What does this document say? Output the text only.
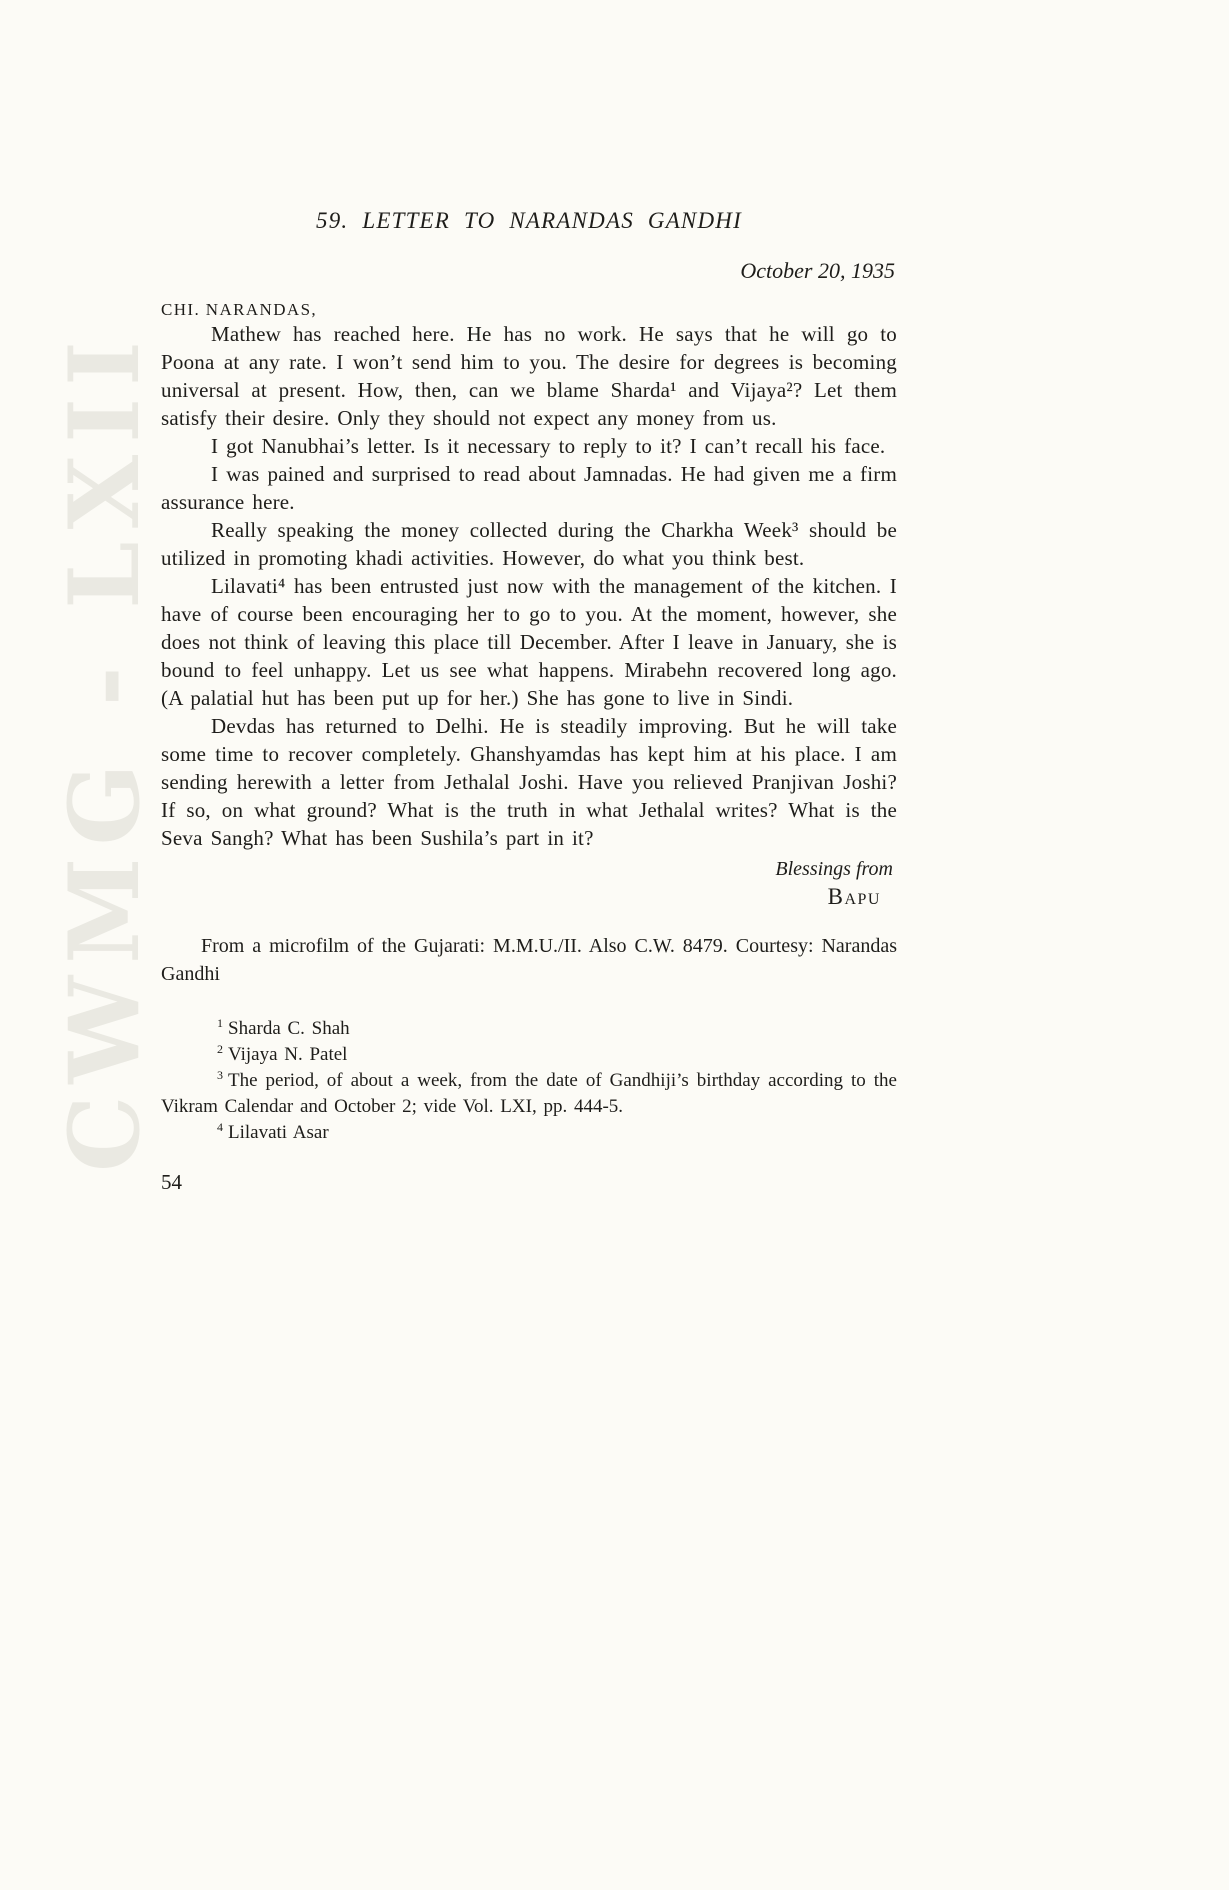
CWMG - LXII
59. LETTER TO NARANDAS GANDHI
October 20, 1935
CHI. NARANDAS,

Mathew has reached here. He has no work. He says that he will go to Poona at any rate. I won’t send him to you. The desire for degrees is becoming universal at present. How, then, can we blame Sharda¹ and Vijaya²? Let them satisfy their desire. Only they should not expect any money from us.

I got Nanubhai’s letter. Is it necessary to reply to it? I can’t recall his face.

I was pained and surprised to read about Jamnadas. He had given me a firm assurance here.

Really speaking the money collected during the Charkha Week³ should be utilized in promoting khadi activities. However, do what you think best.

Lilavati⁴ has been entrusted just now with the management of the kitchen. I have of course been encouraging her to go to you. At the moment, however, she does not think of leaving this place till December. After I leave in January, she is bound to feel unhappy. Let us see what happens. Mirabehn recovered long ago. (A palatial hut has been put up for her.) She has gone to live in Sindi.

Devdas has returned to Delhi. He is steadily improving. But he will take some time to recover completely. Ghanshyamdas has kept him at his place. I am sending herewith a letter from Jethalal Joshi. Have you relieved Pranjivan Joshi? If so, on what ground? What is the truth in what Jethalal writes? What is the Seva Sangh? What has been Sushila’s part in it?

Blessings from
Bapu

From a microfilm of the Gujarati: M.M.U./II. Also C.W. 8479. Courtesy: Narandas Gandhi

$^1$ Sharda C. Shah

$^2$ Vijaya N. Patel

$^3$ The period, of about a week, from the date of Gandhiji’s birthday according to the Vikram Calendar and October 2; vide Vol. LXI, pp. 444-5.

$^4$ Lilavati Asar

54
